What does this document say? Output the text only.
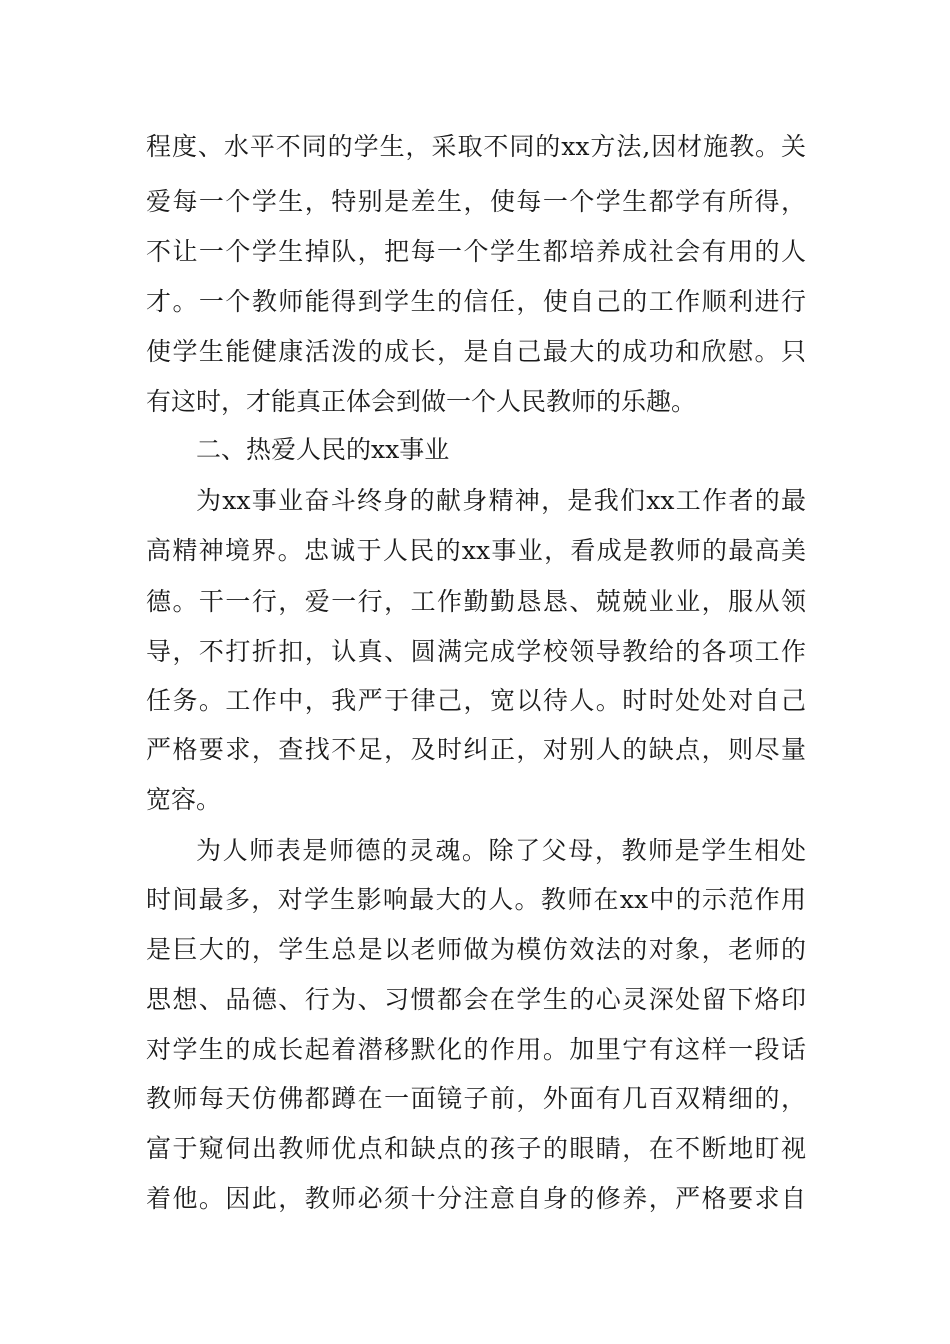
程度、水平不同的学生，采取不同的xx方法,因材施教。关
爱每一个学生，特别是差生，使每一个学生都学有所得，
不让一个学生掉队，把每一个学生都培养成社会有用的人
才。一个教师能得到学生的信任，使自己的工作顺利进行
使学生能健康活泼的成长，是自己最大的成功和欣慰。只
有这时，才能真正体会到做一个人民教师的乐趣。
二、热爱人民的xx事业
为xx事业奋斗终身的献身精神，是我们xx工作者的最
高精神境界。忠诚于人民的xx事业，看成是教师的最高美
德。干一行，爱一行，工作勤勤恳恳、兢兢业业，服从领
导，不打折扣，认真、圆满完成学校领导教给的各项工作
任务。工作中，我严于律己，宽以待人。时时处处对自己
严格要求，查找不足，及时纠正，对别人的缺点，则尽量
宽容。
为人师表是师德的灵魂。除了父母，教师是学生相处
时间最多，对学生影响最大的人。教师在xx中的示范作用
是巨大的，学生总是以老师做为模仿效法的对象，老师的
思想、品德、行为、习惯都会在学生的心灵深处留下烙印
对学生的成长起着潜移默化的作用。加里宁有这样一段话
教师每天仿佛都蹲在一面镜子前，外面有几百双精细的，
富于窥伺出教师优点和缺点的孩子的眼睛，在不断地盯视
着他。因此，教师必须十分注意自身的修养，严格要求自
